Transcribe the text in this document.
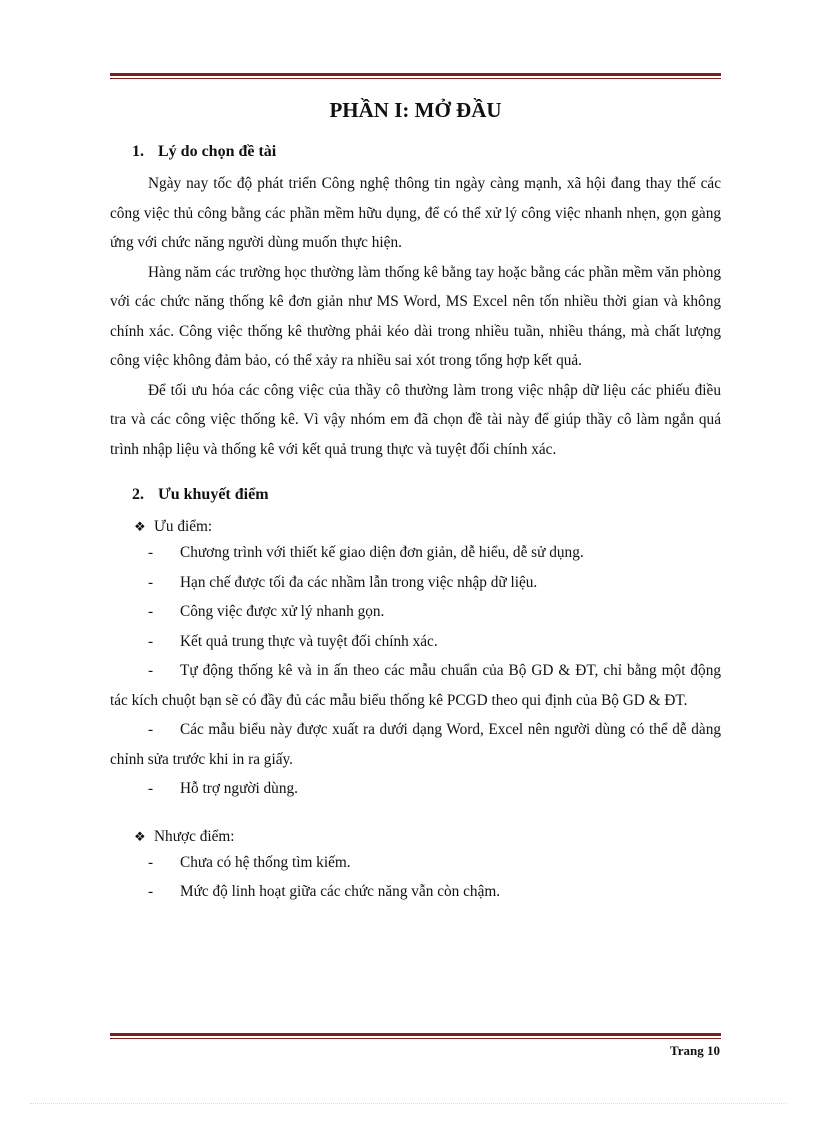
PHẦN I: MỞ ĐẦU
1. Lý do chọn đề tài

Ngày nay tốc độ phát triển Công nghệ thông tin ngày càng mạnh, xã hội đang thay thế các công việc thủ công bằng các phần mềm hữu dụng, để có thể xử lý công việc nhanh nhẹn, gọn gàng ứng với chức năng người dùng muốn thực hiện.

Hàng năm các trường học thường làm thống kê bằng tay hoặc bằng các phần mềm văn phòng với các chức năng thống kê đơn giản như MS Word, MS Excel nên tốn nhiều thời gian và không chính xác. Công việc thống kê thường phải kéo dài trong nhiều tuần, nhiều tháng, mà chất lượng công việc không đảm bảo, có thể xảy ra nhiều sai xót trong tổng hợp kết quả.

Để tối ưu hóa các công việc của thầy cô thường làm trong việc nhập dữ liệu các phiếu điều tra và các công việc thống kê. Vì vậy nhóm em đã chọn đề tài này để giúp thầy cô làm ngắn quá trình nhập liệu và thống kê với kết quả trung thực và tuyệt đối chính xác.

2. Ưu khuyết điểm
❖ Ưu điểm:

- Chương trình với thiết kế giao diện đơn giản, dễ hiểu, dễ sử dụng.

- Hạn chế được tối đa các nhầm lẫn trong việc nhập dữ liệu.

- Công việc được xử lý nhanh gọn.

- Kết quả trung thực và tuyệt đối chính xác.

- Tự động thống kê và in ấn theo các mẫu chuẩn của Bộ GD & ĐT, chỉ bằng một động tác kích chuột bạn sẽ có đầy đủ các mẫu biểu thống kê PCGD theo qui định của Bộ GD & ĐT.

- Các mẫu biểu này được xuất ra dưới dạng Word, Excel nên người dùng có thể dễ dàng chỉnh sửa trước khi in ra giấy.

- Hỗ trợ người dùng.

❖ Nhược điểm:

- Chưa có hệ thống tìm kiếm.

- Mức độ linh hoạt giữa các chức năng vẫn còn chậm.

Trang 10
